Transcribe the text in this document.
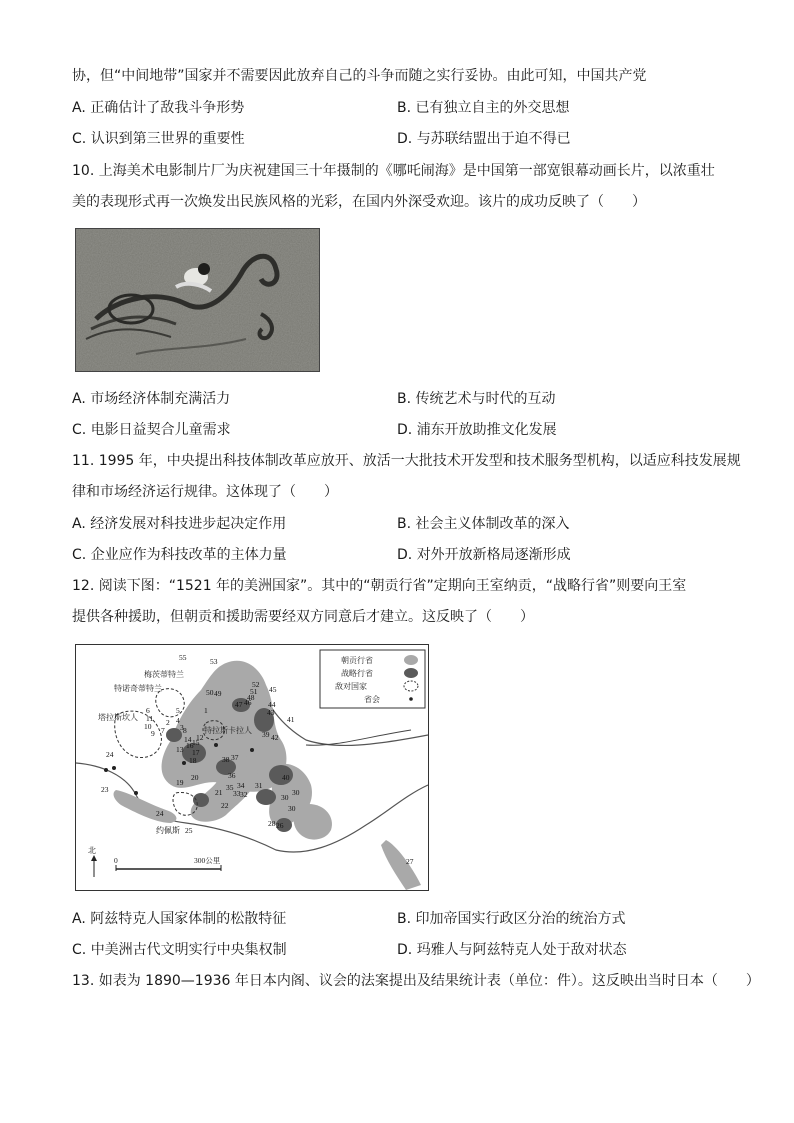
协，但“中间地带”国家并不需要因此放弃自己的斗争而随之实行妥协。由此可知，中国共产党
A. 正确估计了敌我斗争形势	B. 已有独立自主的外交思想
C. 认识到第三世界的重要性	D. 与苏联结盟出于迫不得已
10. 上海美术电影制片厂为庆祝建国三十年摄制的《哪吒闹海》是中国第一部宽银幕动画长片，以浓重壮
美的表现形式再一次焕发出民族风格的光彩，在国内外深受欢迎。该片的成功反映了（　　）
A. 市场经济体制充满活力	B. 传统艺术与时代的互动
C. 电影日益契合儿童需求	D. 浦东开放助推文化发展
11. 1995 年，中央提出科技体制改革应放开、放活一大批技术开发型和技术服务型机构，以适应科技发展规
律和市场经济运行规律。这体现了（　　）
A. 经济发展对科技进步起决定作用	B. 社会主义体制改革的深入
C. 企业应作为科技改革的主体力量	D. 对外开放新格局逐渐形成
12. 阅读下图：“1521 年的美洲国家”。其中的“朝贡行省”定期向王室纳贡，“战略行省”则要向王室
提供各种援助，但朝贡和援助需要经双方同意后才建立。这反映了（　　）
朝贡行省
战略行省
敌对国家
省会
梅茨蒂特兰
特诺奇蒂特兰
塔拉斯坎人
特拉斯卡拉人
约佩斯
55	53
52
51
50 49	48
47 46
45
44
43
42
41
40
39
38 37
36
35 34
33 32
31
30
30
30
28
27
26
25
24
24
23
22
21
20
19
18
17
16
15
14
13
12
11
10
9	8
7
6	5
4
3
2
1
北
0	300公里
A. 阿兹特克人国家体制的松散特征	B. 印加帝国实行政区分治的统治方式
C. 中美洲古代文明实行中央集权制	D. 玛雅人与阿兹特克人处于敌对状态
13. 如表为 1890—1936 年日本内阁、议会的法案提出及结果统计表（单位：件）。这反映出当时日本（　　）
